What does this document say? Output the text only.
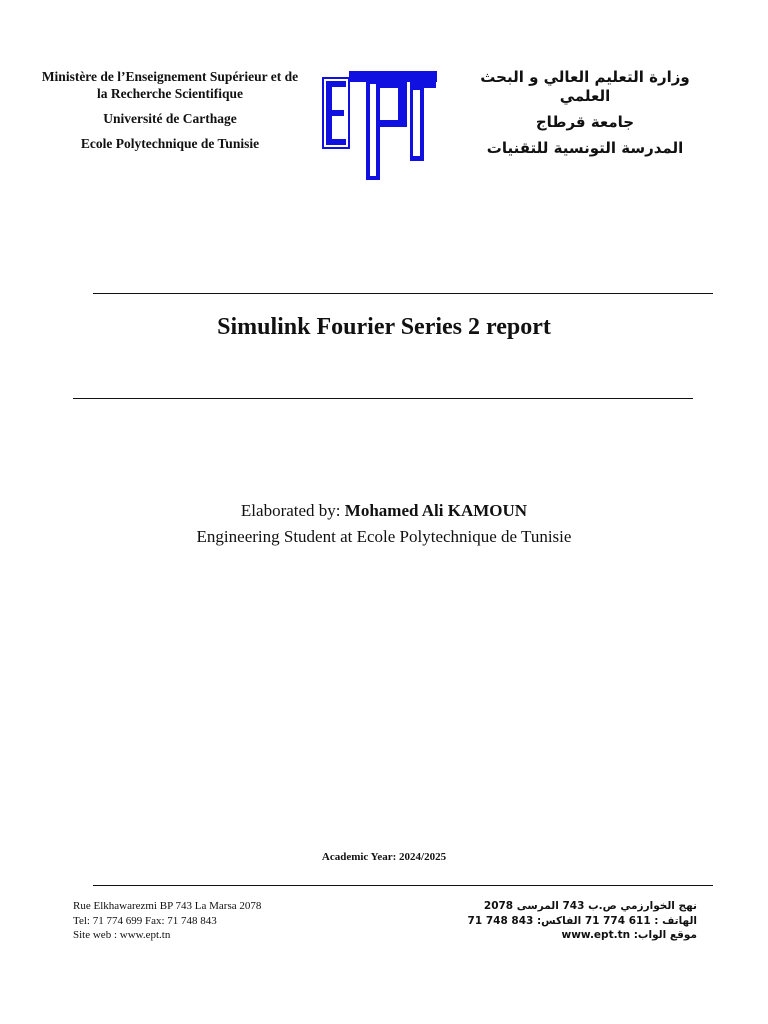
Ministère de l’Enseignement Supérieur et de la Recherche Scientifique

Université de Carthage

Ecole Polytechnique de Tunisie

وزارة التعليم العالي و البحث العلمي

جامعة قرطاج

المدرسة التونسية للتقنيات

Simulink Fourier Series 2 report
Elaborated by: Mohamed Ali KAMOUN
Engineering Student at Ecole Polytechnique de Tunisie
Academic Year: 2024/2025
Rue Elkhawarezmi BP 743 La Marsa 2078
Tel: 71 774 699 Fax: 71 748 843
Site web : www.ept.tn
نهج الخوارزمي ص.ب 743 المرسى 2078
الهاتف : 611 774 71 الفاكس: 843 748 71
موقع الواب: www.ept.tn
